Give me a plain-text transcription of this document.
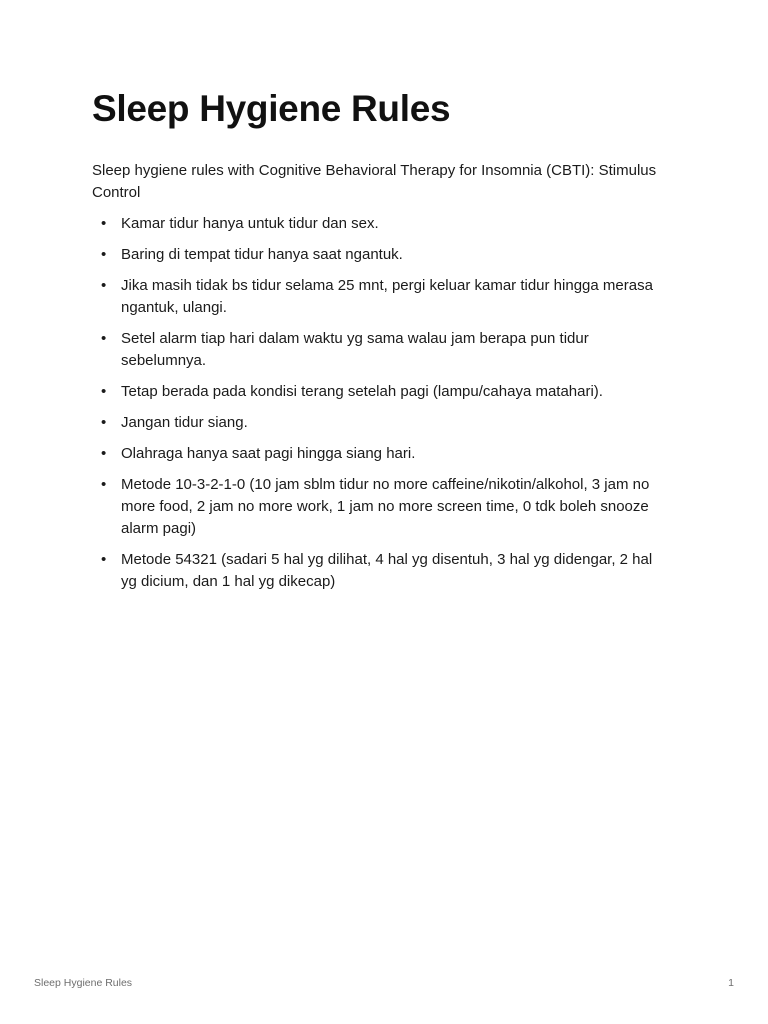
Sleep Hygiene Rules

Sleep hygiene rules with Cognitive Behavioral Therapy for Insomnia (CBTI): Stimulus Control

• Kamar tidur hanya untuk tidur dan sex.
• Baring di tempat tidur hanya saat ngantuk.
• Jika masih tidak bs tidur selama 25 mnt, pergi keluar kamar tidur hingga merasa ngantuk, ulangi.
• Setel alarm tiap hari dalam waktu yg sama walau jam berapa pun tidur sebelumnya.
• Tetap berada pada kondisi terang setelah pagi (lampu/cahaya matahari).
• Jangan tidur siang.
• Olahraga hanya saat pagi hingga siang hari.
• Metode 10-3-2-1-0 (10 jam sblm tidur no more caffeine/nikotin/alkohol, 3 jam no more food, 2 jam no more work, 1 jam no more screen time, 0 tdk boleh snooze alarm pagi)
• Metode 54321 (sadari 5 hal yg dilihat, 4 hal yg disentuh, 3 hal yg didengar, 2 hal yg dicium, dan 1 hal yg dikecap)
Sleep Hygiene Rules	1
